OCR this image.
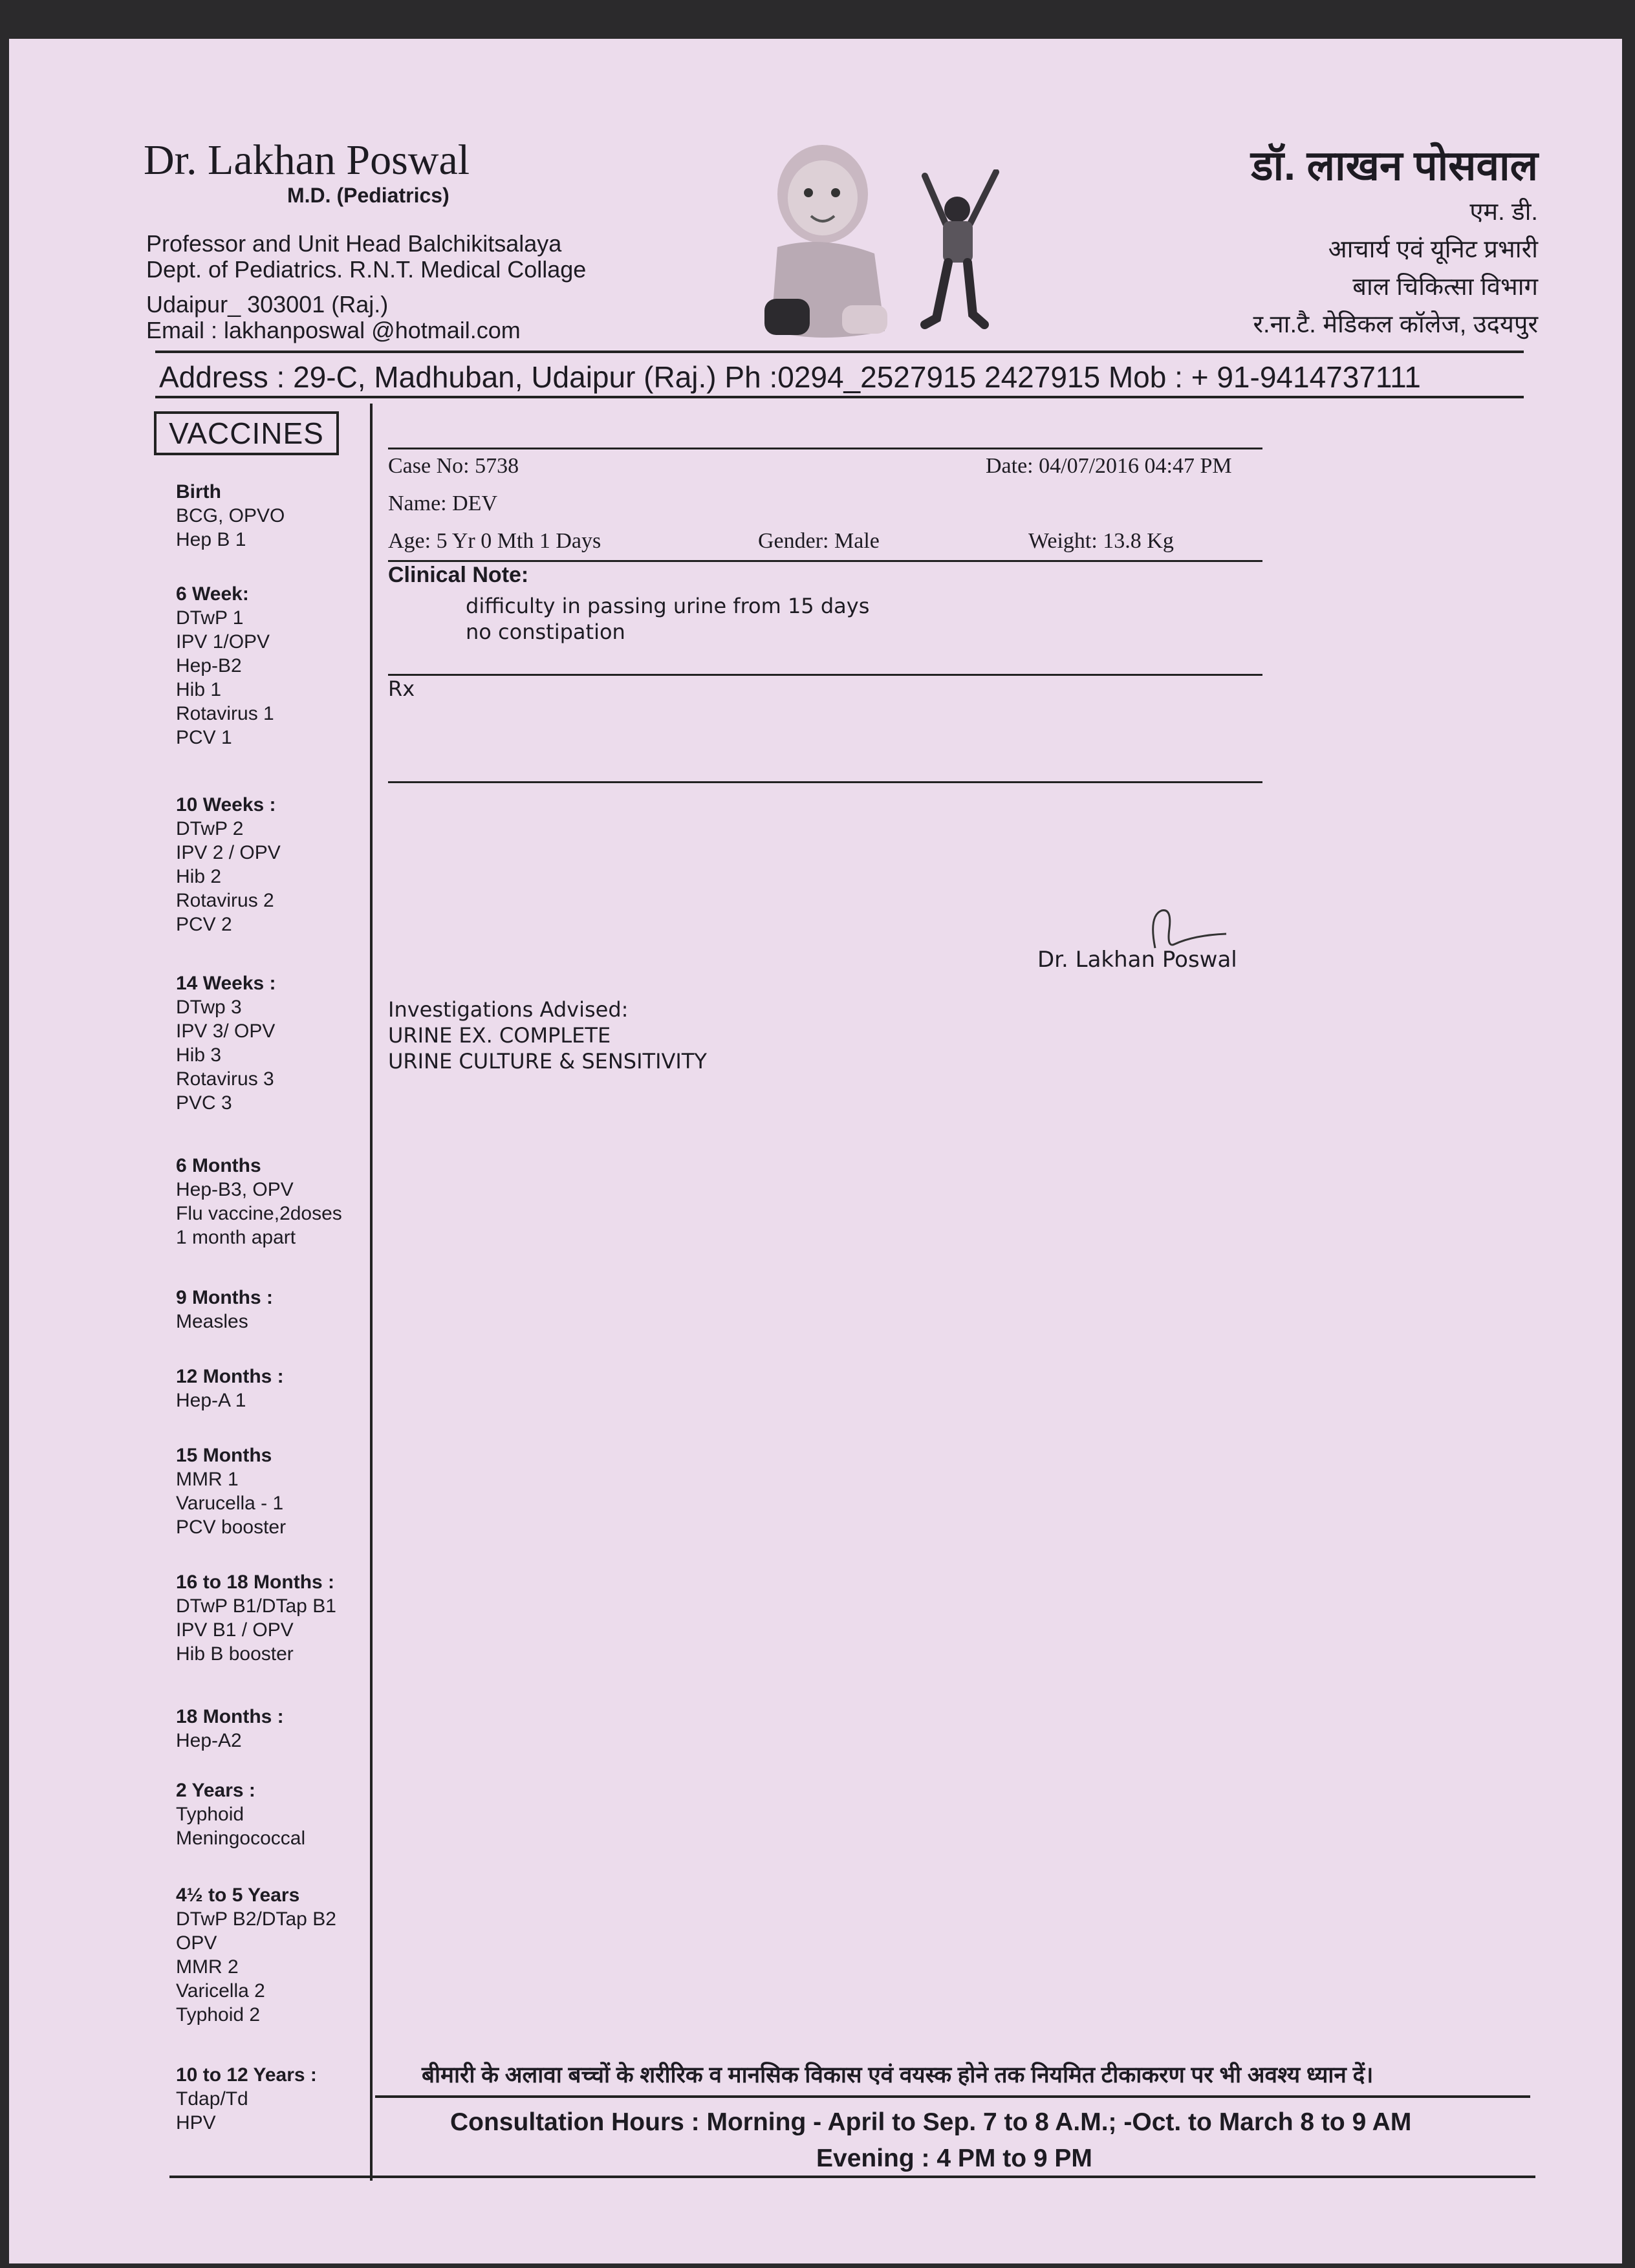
Dr. Lakhan Poswal
M.D. (Pediatrics)
Professor and Unit Head Balchikitsalaya
Dept. of Pediatrics. R.N.T. Medical Collage
Udaipur_ 303001 (Raj.)
Email : lakhanposwal @hotmail.com
डॉ. लाखन पोसवाल
एम. डी.
आचार्य एवं यूनिट प्रभारी
बाल चिकित्सा विभाग
र.ना.टै. मेडिकल कॉलेज, उदयपुर
Address : 29-C, Madhuban, Udaipur (Raj.) Ph :0294_2527915 2427915 Mob : + 91-9414737111
VACCINES
Birth
BCG, OPVO
Hep B 1
6 Week:
DTwP 1
IPV 1/OPV
Hep-B2
Hib 1
Rotavirus 1
PCV 1
10 Weeks :
DTwP 2
IPV 2 / OPV
Hib 2
Rotavirus 2
PCV 2
14 Weeks :
DTwp 3
IPV 3/ OPV
Hib 3
Rotavirus 3
PVC 3
6 Months
Hep-B3, OPV
Flu vaccine,2doses
1 month apart
9 Months :
Measles
12 Months :
Hep-A 1
15 Months
MMR 1
Varucella - 1
PCV booster
16 to 18 Months :
DTwP B1/DTap B1
IPV B1 / OPV
Hib B booster
18 Months :
Hep-A2
2 Years :
Typhoid
Meningococcal
4½ to 5 Years
DTwP B2/DTap B2
OPV
MMR 2
Varicella 2
Typhoid 2
10 to 12 Years :
Tdap/Td
HPV
Case No: 5738	Date: 04/07/2016 04:47 PM
Name: DEV
Age: 5 Yr 0 Mth 1 Days	Gender: Male	Weight: 13.8 Kg
Clinical Note:
difficulty in passing urine from 15 days
no constipation
Rx
Dr. Lakhan Poswal
Investigations Advised:
URINE EX. COMPLETE
URINE CULTURE & SENSITIVITY
बीमारी के अलावा बच्चों के शरीरिक व मानसिक विकास एवं वयस्क होने तक नियमित टीकाकरण पर भी अवश्य ध्यान दें।
Consultation Hours : Morning - April to Sep. 7 to 8 A.M.; -Oct. to March 8 to 9 AM
Evening : 4 PM to 9 PM
